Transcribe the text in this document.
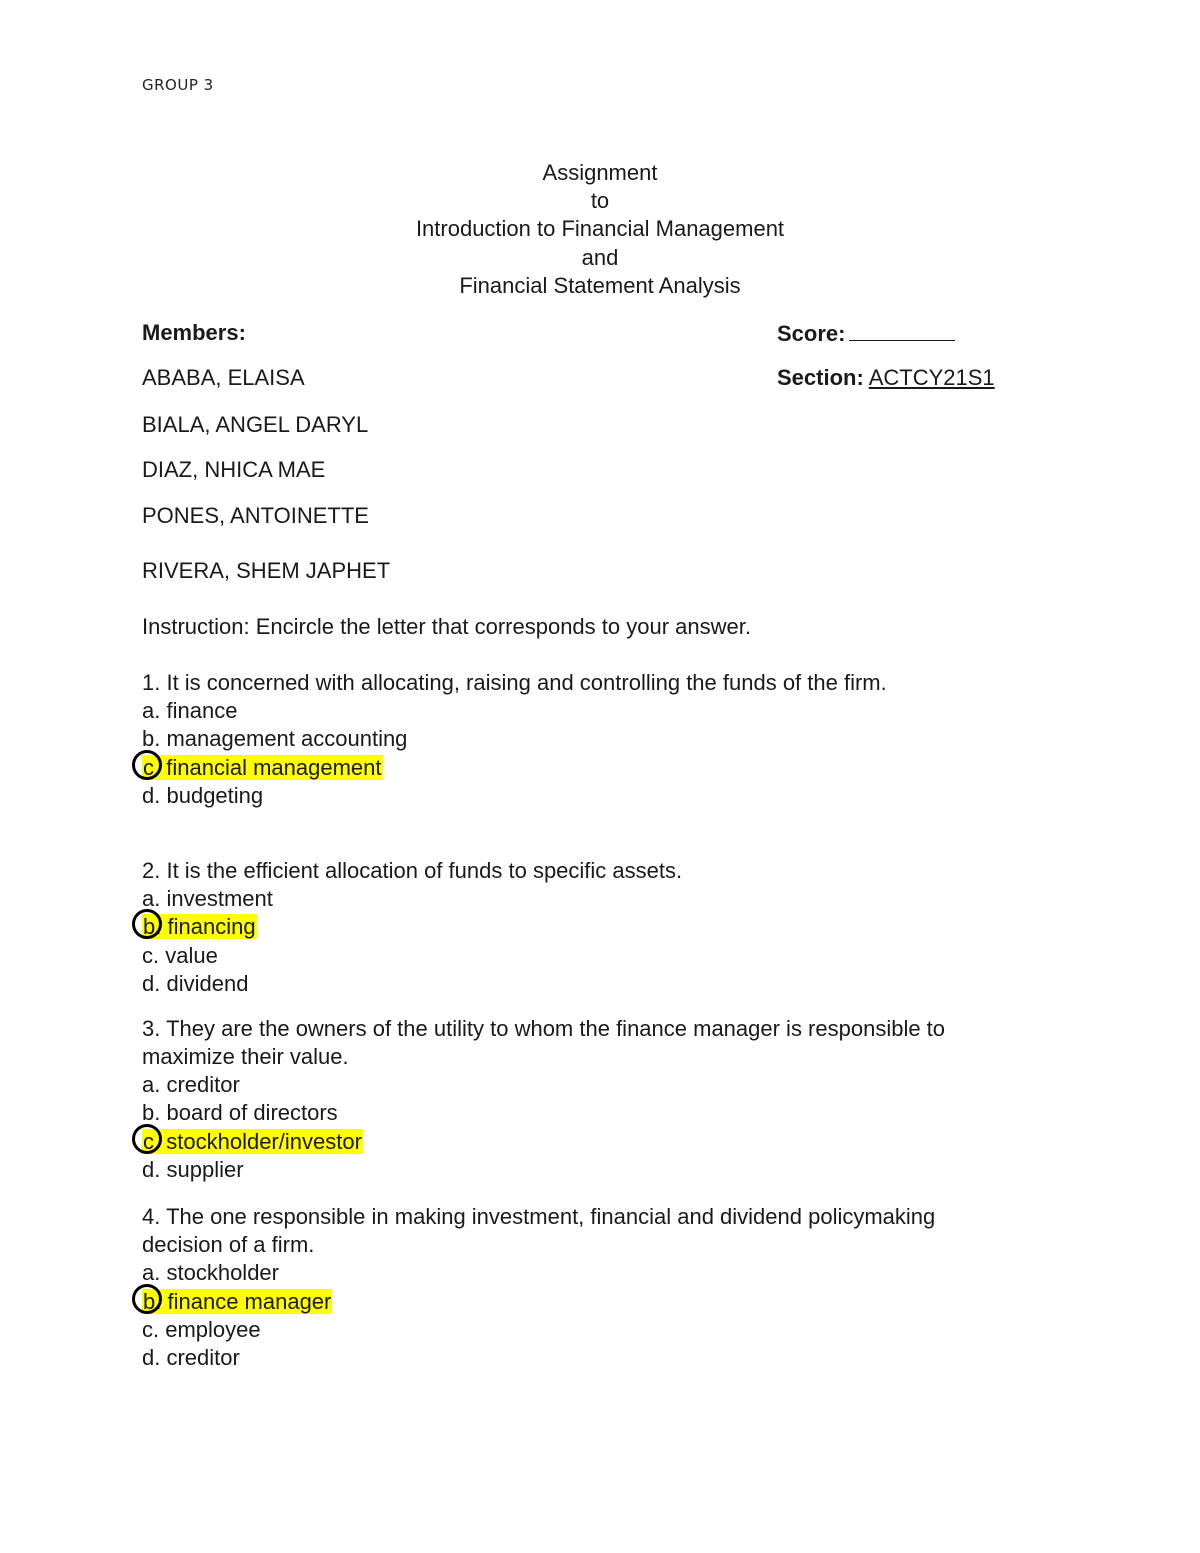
GROUP 3
Assignment
to
Introduction to Financial Management
and
Financial Statement Analysis
Members:	Score:
ABABA, ELAISA	Section: ACTCY21S1
BIALA, ANGEL DARYL
DIAZ, NHICA MAE
PONES, ANTOINETTE
RIVERA, SHEM JAPHET
Instruction: Encircle the letter that corresponds to your answer.
1. It is concerned with allocating, raising and controlling the funds of the firm.
a. finance
b. management accounting
c. financial management
d. budgeting
2. It is the efficient allocation of funds to specific assets.
a. investment
b. financing
c. value
d. dividend
3. They are the owners of the utility to whom the finance manager is responsible to
maximize their value.
a. creditor
b. board of directors
c. stockholder/investor
d. supplier
4. The one responsible in making investment, financial and dividend policymaking
decision of a firm.
a. stockholder
b. finance manager
c. employee
d. creditor
